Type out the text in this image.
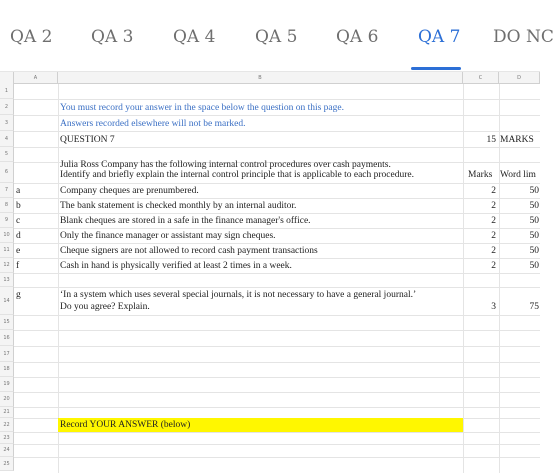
QA 2 QA 3 QA 4 QA 5 QA 6 QA 7 DO NC
A	B	C	D
1
2
3
4
5
6
7
8
9
10
11
12
13
14
15
16
17
18
19
20
21
22
23
24
25
You must record your answer in the space below the question on this page.
Answers recorded elsewhere will not be marked.
QUESTION 7	15 MARKS
Julia Ross Company has the following internal control procedures over cash payments.
Identify and briefly explain the internal control principle that is applicable to each procedure.	Marks Word lim
a	Company cheques are prenumbered.	2	50
b	The bank statement is checked monthly by an internal auditor.	2	50
c	Blank cheques are stored in a safe in the finance manager's office.	2	50
d	Only the finance manager or assistant may sign cheques.	2	50
e	Cheque signers are not allowed to record cash payment transactions	2	50
f	Cash in hand is physically verified at least 2 times in a week.	2	50
g	‘In a system which uses several special journals, it is not necessary to have a general journal.’
Do you agree? Explain.	3	75
Record YOUR ANSWER (below)
